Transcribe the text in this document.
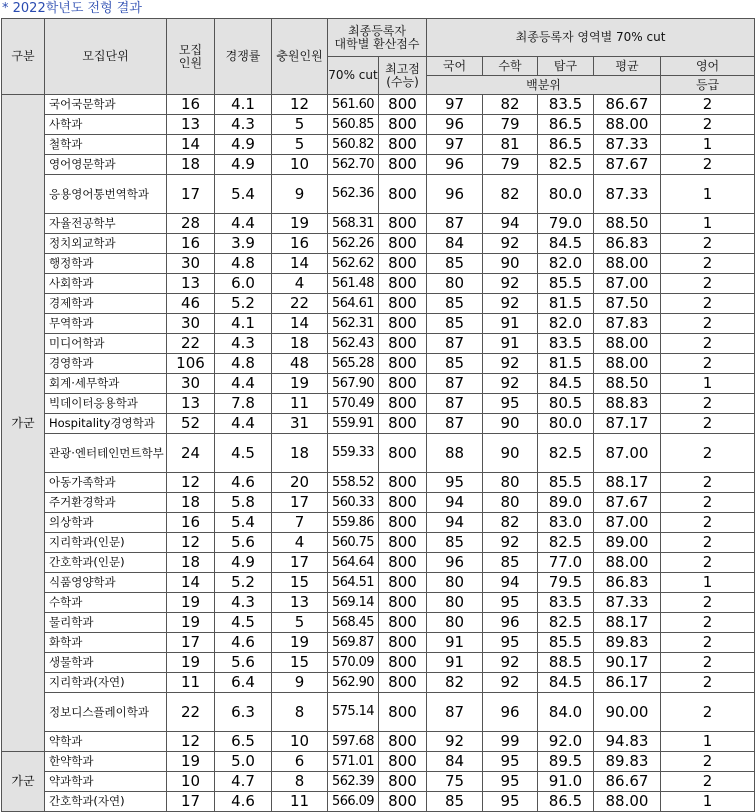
* 2022학년도 전형 결과
구분	모집단위	모집
인원	경쟁률	충원인원	최종등록자
대학별 환산점수		최종등록자 영역별 70% cut				
					70% cut	최고점
(수능)	국어	수학	탐구	평균	영어
							백분위				등급
가군	국어국문학과	16	4.1	12	561.60	800	97	82	83.5	86.67	2
	사학과	13	4.3	5	560.85	800	96	79	86.5	88.00	2
	철학과	14	4.9	5	560.82	800	97	81	86.5	87.33	1
	영어영문학과	18	4.9	10	562.70	800	96	79	82.5	87.67	2
	응용영어통번역학과	17	5.4	9	562.36	800	96	82	80.0	87.33	1
	자율전공학부	28	4.4	19	568.31	800	87	94	79.0	88.50	1
	정치외교학과	16	3.9	16	562.26	800	84	92	84.5	86.83	2
	행정학과	30	4.8	14	562.62	800	85	90	82.0	88.00	2
	사회학과	13	6.0	4	561.48	800	80	92	85.5	87.00	2
	경제학과	46	5.2	22	564.61	800	85	92	81.5	87.50	2
	무역학과	30	4.1	14	562.31	800	85	91	82.0	87.83	2
	미디어학과	22	4.3	18	562.43	800	87	91	83.5	88.00	2
	경영학과	106	4.8	48	565.28	800	85	92	81.5	88.00	2
	회계·세무학과	30	4.4	19	567.90	800	87	92	84.5	88.50	1
	빅데이터응용학과	13	7.8	11	570.49	800	87	95	80.5	88.83	2
	Hospitality경영학과	52	4.4	31	559.91	800	87	90	80.0	87.17	2
	관광·엔터테인먼트학부	24	4.5	18	559.33	800	88	90	82.5	87.00	2
	아동가족학과	12	4.6	20	558.52	800	95	80	85.5	88.17	2
	주거환경학과	18	5.8	17	560.33	800	94	80	89.0	87.67	2
	의상학과	16	5.4	7	559.86	800	94	82	83.0	87.00	2
	지리학과(인문)	12	5.6	4	560.75	800	85	92	82.5	89.00	2
	간호학과(인문)	18	4.9	17	564.64	800	96	85	77.0	88.00	2
	식품영양학과	14	5.2	15	564.51	800	80	94	79.5	86.83	1
	수학과	19	4.3	13	569.14	800	80	95	83.5	87.33	2
	물리학과	19	4.5	5	568.45	800	80	96	82.5	88.17	2
	화학과	17	4.6	19	569.87	800	91	95	85.5	89.83	2
	생물학과	19	5.6	15	570.09	800	91	92	88.5	90.17	2
	지리학과(자연)	11	6.4	9	562.90	800	82	92	84.5	86.17	2
	정보디스플레이학과	22	6.3	8	575.14	800	87	96	84.0	90.00	2
	약학과	12	6.5	10	597.68	800	92	99	92.0	94.83	1
가군	한약학과	19	5.0	6	571.01	800	84	95	89.5	89.83	2
	약과학과	10	4.7	8	562.39	800	75	95	91.0	86.67	2
	간호학과(자연)	17	4.6	11	566.09	800	85	95	86.5	88.00	1
